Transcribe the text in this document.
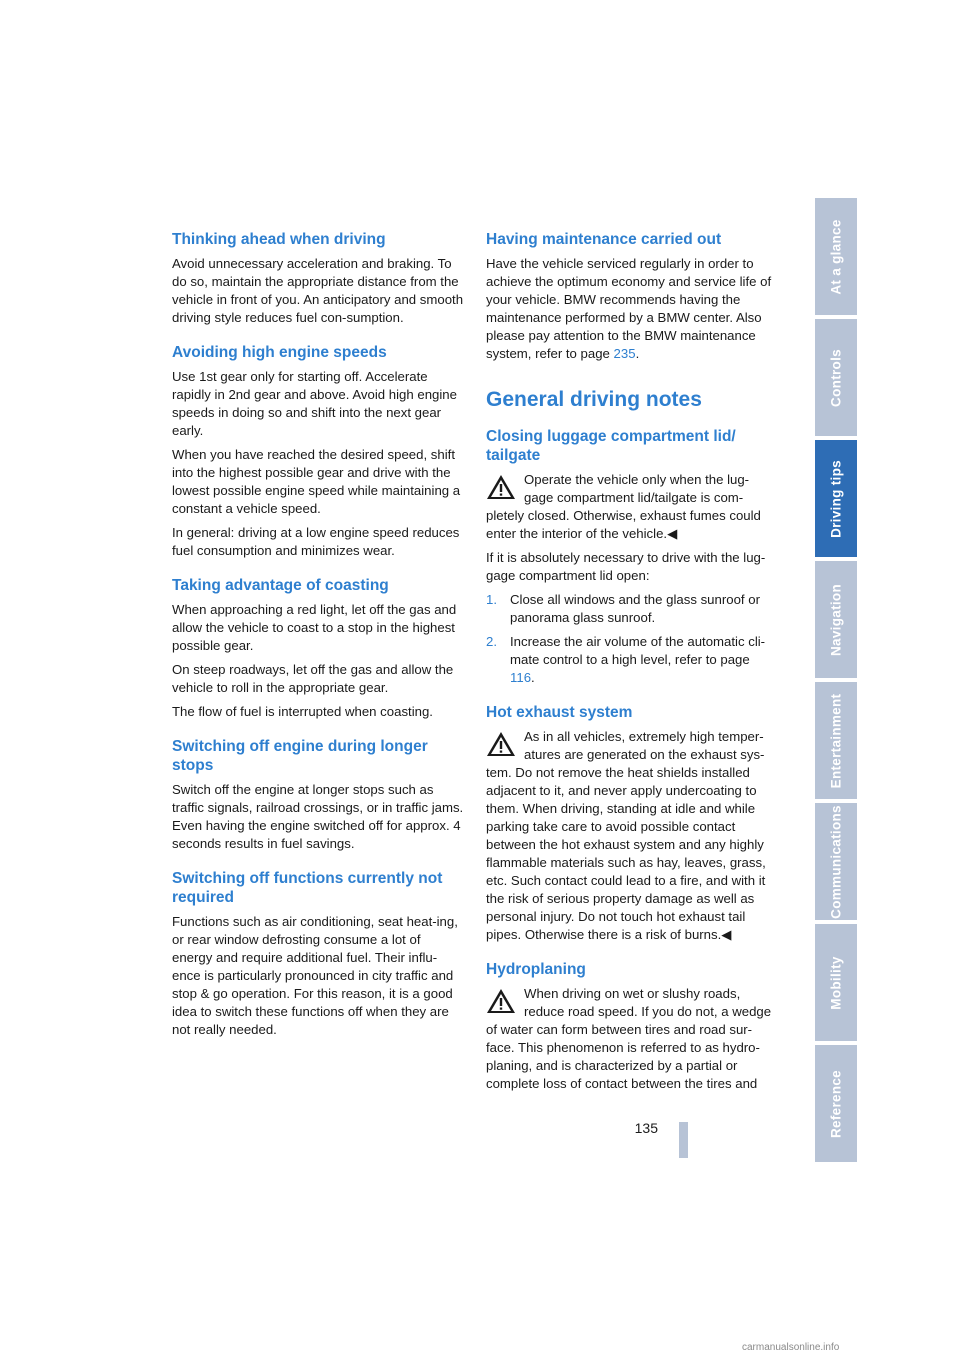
Thinking ahead when driving

Avoid unnecessary acceleration and braking. To do so, maintain the appropriate distance from the vehicle in front of you. An anticipatory and smooth driving style reduces fuel con-sumption.

Avoiding high engine speeds

Use 1st gear only for starting off. Accelerate rapidly in 2nd gear and above. Avoid high engine speeds in doing so and shift into the next gear early.

When you have reached the desired speed, shift into the highest possible gear and drive with the lowest possible engine speed while maintaining a constant a vehicle speed.

In general: driving at a low engine speed reduces fuel consumption and minimizes wear.

Taking advantage of coasting

When approaching a red light, let off the gas and allow the vehicle to coast to a stop in the highest possible gear.

On steep roadways, let off the gas and allow the vehicle to roll in the appropriate gear.

The flow of fuel is interrupted when coasting.

Switching off engine during longer stops

Switch off the engine at longer stops such as traffic signals, railroad crossings, or in traffic jams. Even having the engine switched off for approx. 4 seconds results in fuel savings.

Switching off functions currently not required

Functions such as air conditioning, seat heat-ing, or rear window defrosting consume a lot of energy and require additional fuel. Their influ-ence is particularly pronounced in city traffic and stop & go operation. For this reason, it is a good idea to switch these functions off when they are not really needed.

Having maintenance carried out

Have the vehicle serviced regularly in order to achieve the optimum economy and service life of your vehicle. BMW recommends having the maintenance performed by a BMW center. Also please pay attention to the BMW maintenance system, refer to page 235.

General driving notes
Closing luggage compartment lid/ tailgate
Operate the vehicle only when the lug-gage compartment lid/tailgate is com-pletely closed. Otherwise, exhaust fumes could enter the interior of the vehicle.◀

If it is absolutely necessary to drive with the lug-gage compartment lid open:

1. Close all windows and the glass sunroof or panorama glass sunroof.
2. Increase the air volume of the automatic cli-mate control to a high level, refer to page 116.
Hot exhaust system
As in all vehicles, extremely high temper-atures are generated on the exhaust sys-tem. Do not remove the heat shields installed adjacent to it, and never apply undercoating to them. When driving, standing at idle and while parking take care to avoid possible contact between the hot exhaust system and any highly flammable materials such as hay, leaves, grass, etc. Such contact could lead to a fire, and with it the risk of serious property damage as well as personal injury. Do not touch hot exhaust tail pipes. Otherwise there is a risk of burns.◀
Hydroplaning
When driving on wet or slushy roads, reduce road speed. If you do not, a wedge of water can form between tires and road sur-face. This phenomenon is referred to as hydro-planing, and is characterized by a partial or complete loss of contact between the tires and
At a glance
Controls
Driving tips
Navigation
Entertainment
Communications
Mobility
Reference
135
carmanualsonline.info
